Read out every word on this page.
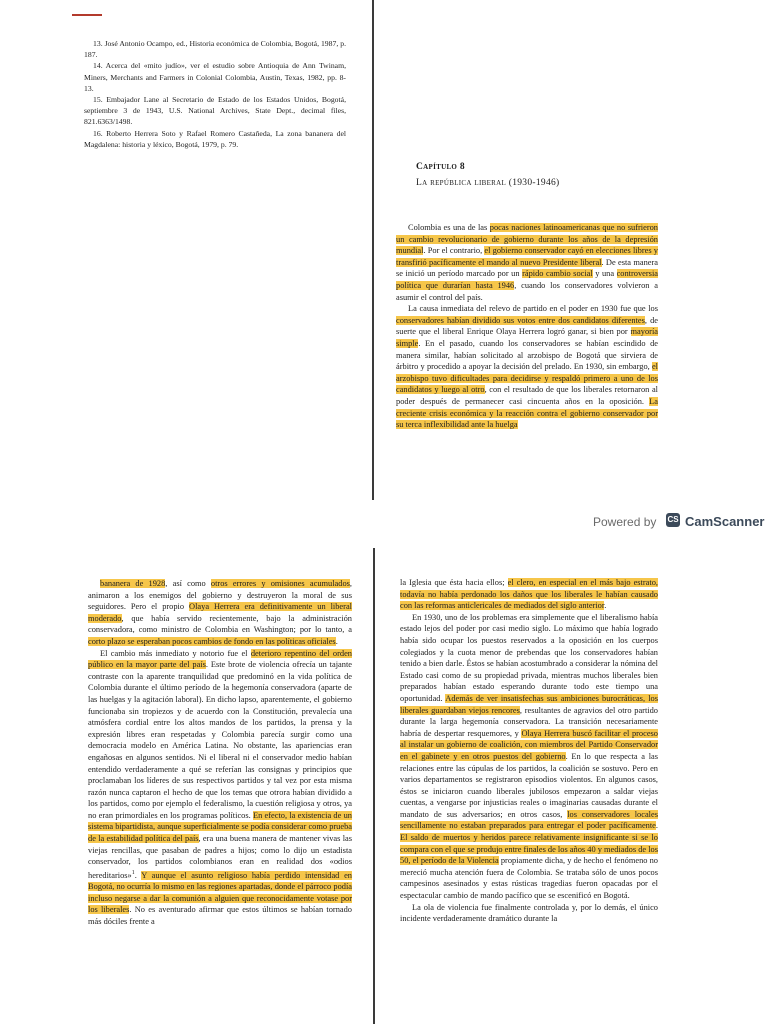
13. José Antonio Ocampo, ed., Historia económica de Colombia, Bogotá, 1987, p. 187.

14. Acerca del «mito judío», ver el estudio sobre Antioquia de Ann Twinam, Miners, Merchants and Farmers in Colonial Colombia, Austin, Texas, 1982, pp. 8-13.

15. Embajador Lane al Secretario de Estado de los Estados Unidos, Bogotá, septiembre 3 de 1943, U.S. National Archives, State Dept., decimal files, 821.6363/1498.

16. Roberto Herrera Soto y Rafael Romero Castañeda, La zona bananera del Magdalena: historia y léxico, Bogotá, 1979, p. 79.

Capítulo 8
La república liberal (1930-1946)

Colombia es una de las pocas naciones latinoamericanas que no sufrieron un cambio revolucionario de gobierno durante los años de la depresión mundial. Por el contrario, el gobierno conservador cayó en elecciones libres y transfirió pacíficamente el mando al nuevo Presidente liberal. De esta manera se inició un período marcado por un rápido cambio social y una controversia política que durarían hasta 1946, cuando los conservadores volvieron a asumir el control del país.

La causa inmediata del relevo de partido en el poder en 1930 fue que los conservadores habían dividido sus votos entre dos candidatos diferentes, de suerte que el liberal Enrique Olaya Herrera logró ganar, si bien por mayoría simple. En el pasado, cuando los conservadores se habían escindido de manera similar, habían solicitado al arzobispo de Bogotá que sirviera de árbitro y procedido a apoyar la decisión del prelado. En 1930, sin embargo, el arzobispo tuvo dificultades para decidirse y respaldó primero a uno de los candidatos y luego al otro, con el resultado de que los liberales retornaron al poder después de permanecer casi cincuenta años en la oposición. La creciente crisis económica y la reacción contra el gobierno conservador por su terca inflexibilidad ante la huelga

Powered by CS CamScanner

bananera de 1928, así como otros errores y omisiones acumulados, animaron a los enemigos del gobierno y destruyeron la moral de sus seguidores. Pero el propio Olaya Herrera era definitivamente un liberal moderado, que había servido recientemente, bajo la administración conservadora, como ministro de Colombia en Washington; por lo tanto, a corto plazo se esperaban pocos cambios de fondo en las políticas oficiales.

El cambio más inmediato y notorio fue el deterioro repentino del orden público en la mayor parte del país. Este brote de violencia ofrecía un tajante contraste con la aparente tranquilidad que predominó en la vida política de Colombia durante el último período de la hegemonía conservadora (aparte de las huelgas y la agitación laboral). En dicho lapso, aparentemente, el gobierno funcionaba sin tropiezos y de acuerdo con la Constitución, prevalecía una atmósfera cordial entre los altos mandos de los partidos, la prensa y la expresión libres eran respetadas y Colombia parecía surgir como una democracia modelo en América Latina. No obstante, las apariencias eran engañosas en algunos sentidos. Ni el liberal ni el conservador medio habían entendido verdaderamente a qué se referían las consignas y principios que proclamaban los líderes de sus respectivos partidos y tal vez por esta misma razón nunca captaron el hecho de que los temas que otrora habían dividido a los partidos, como por ejemplo el federalismo, la cuestión religiosa y otros, ya no eran primordiales en los programas políticos. En efecto, la existencia de un sistema bipartidista, aunque superficialmente se podía considerar como prueba de la estabilidad política del país, era una buena manera de mantener vivas las viejas rencillas, que pasaban de padres a hijos; como lo dijo un estadista conservador, los partidos colombianos eran en realidad dos «odios hereditarios»$^1$. Y aunque el asunto religioso había perdido intensidad en Bogotá, no ocurría lo mismo en las regiones apartadas, donde el párroco podía incluso negarse a dar la comunión a alguien que reconocidamente votase por los liberales. No es aventurado afirmar que estos últimos se habían tornado más dóciles frente a

la Iglesia que ésta hacia ellos; el clero, en especial en el más bajo estrato, todavía no había perdonado los daños que los liberales le habían causado con las reformas anticlericales de mediados del siglo anterior.

En 1930, uno de los problemas era simplemente que el liberalismo había estado lejos del poder por casi medio siglo. Lo máximo que había logrado había sido ocupar los puestos reservados a la oposición en los cuerpos colegiados y la cuota menor de prebendas que los conservadores habían tenido a bien darle. Éstos se habían acostumbrado a considerar la nómina del Estado casi como de su propiedad privada, mientras muchos liberales bien preparados habían estado esperando durante todo este tiempo una oportunidad. Además de ver insatisfechas sus ambiciones burocráticas, los liberales guardaban viejos rencores, resultantes de agravios del otro partido durante la larga hegemonía conservadora. La transición necesariamente habría de despertar resquemores, y Olaya Herrera buscó facilitar el proceso al instalar un gobierno de coalición, con miembros del Partido Conservador en el gabinete y en otros puestos del gobierno. En lo que respecta a las relaciones entre las cúpulas de los partidos, la coalición se sostuvo. Pero en varios departamentos se registraron episodios violentos. En algunos casos, éstos se iniciaron cuando liberales jubilosos empezaron a saldar viejas cuentas, a vengarse por injusticias reales o imaginarias causadas durante el mandato de sus adversarios; en otros casos, los conservadores locales sencillamente no estaban preparados para entregar el poder pacíficamente. El saldo de muertos y heridos parece relativamente insignificante si se lo compara con el que se produjo entre finales de los años 40 y mediados de los 50, el período de la Violencia propiamente dicha, y de hecho el fenómeno no mereció mucha atención fuera de Colombia. Se trataba sólo de unos pocos campesinos asesinados y estas rústicas tragedias fueron opacadas por el espectacular cambio de mando pacífico que se escenificó en Bogotá.

La ola de violencia fue finalmente controlada y, por lo demás, el único incidente verdaderamente dramático durante la
